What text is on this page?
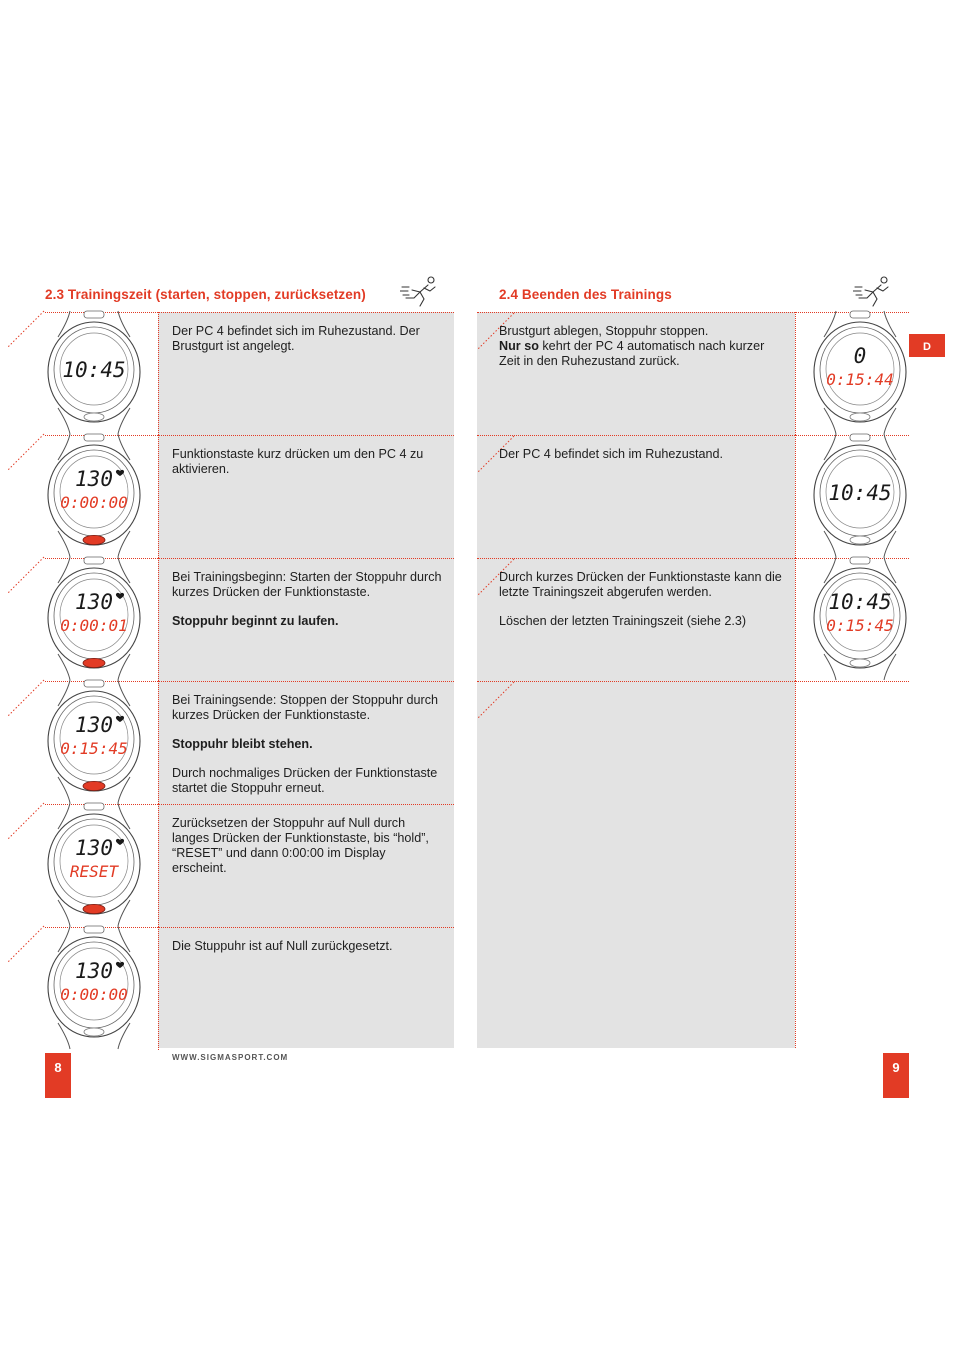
2.3 Trainingszeit (starten, stoppen, zurücksetzen)
8
WWW.SIGMASPORT.COM
2.4 Beenden des Trainings
D
9
10:45

Der PC 4 befindet sich im Ruhezustand. Der Brustgurt ist angelegt.

130
0:00:00

Funktionstaste kurz drücken um den PC 4 zu aktivieren.

130
0:00:01

Bei Trainingsbeginn: Starten der Stoppuhr durch kurzes Drücken der Funktionstaste.

Stoppuhr beginnt zu laufen.

130
0:15:45

Bei Trainingsende: Stoppen der Stoppuhr durch kurzes Drücken der Funktionstaste.

Stoppuhr bleibt stehen.

Durch nochmaliges Drücken der Funktionstaste startet die Stoppuhr erneut.

130
RESET

Zurücksetzen der Stoppuhr auf Null durch langes Drücken der Funktionstaste, bis “hold”, “RESET” und dann 0:00:00 im Display erscheint.

130
0:00:00

Die Stuppuhr ist auf Null zurückgesetzt.

0
0:15:44

Brustgurt ablegen, Stoppuhr stoppen.
Nur so kehrt der PC 4 automatisch nach kurzer Zeit in den Ruhezustand zurück.

10:45

Der PC 4 befindet sich im Ruhezustand.

10:45
0:15:45

Durch kurzes Drücken der Funktionstaste kann die letzte Trainingszeit abgerufen werden.

Löschen der letzten Trainingszeit (siehe 2.3)
